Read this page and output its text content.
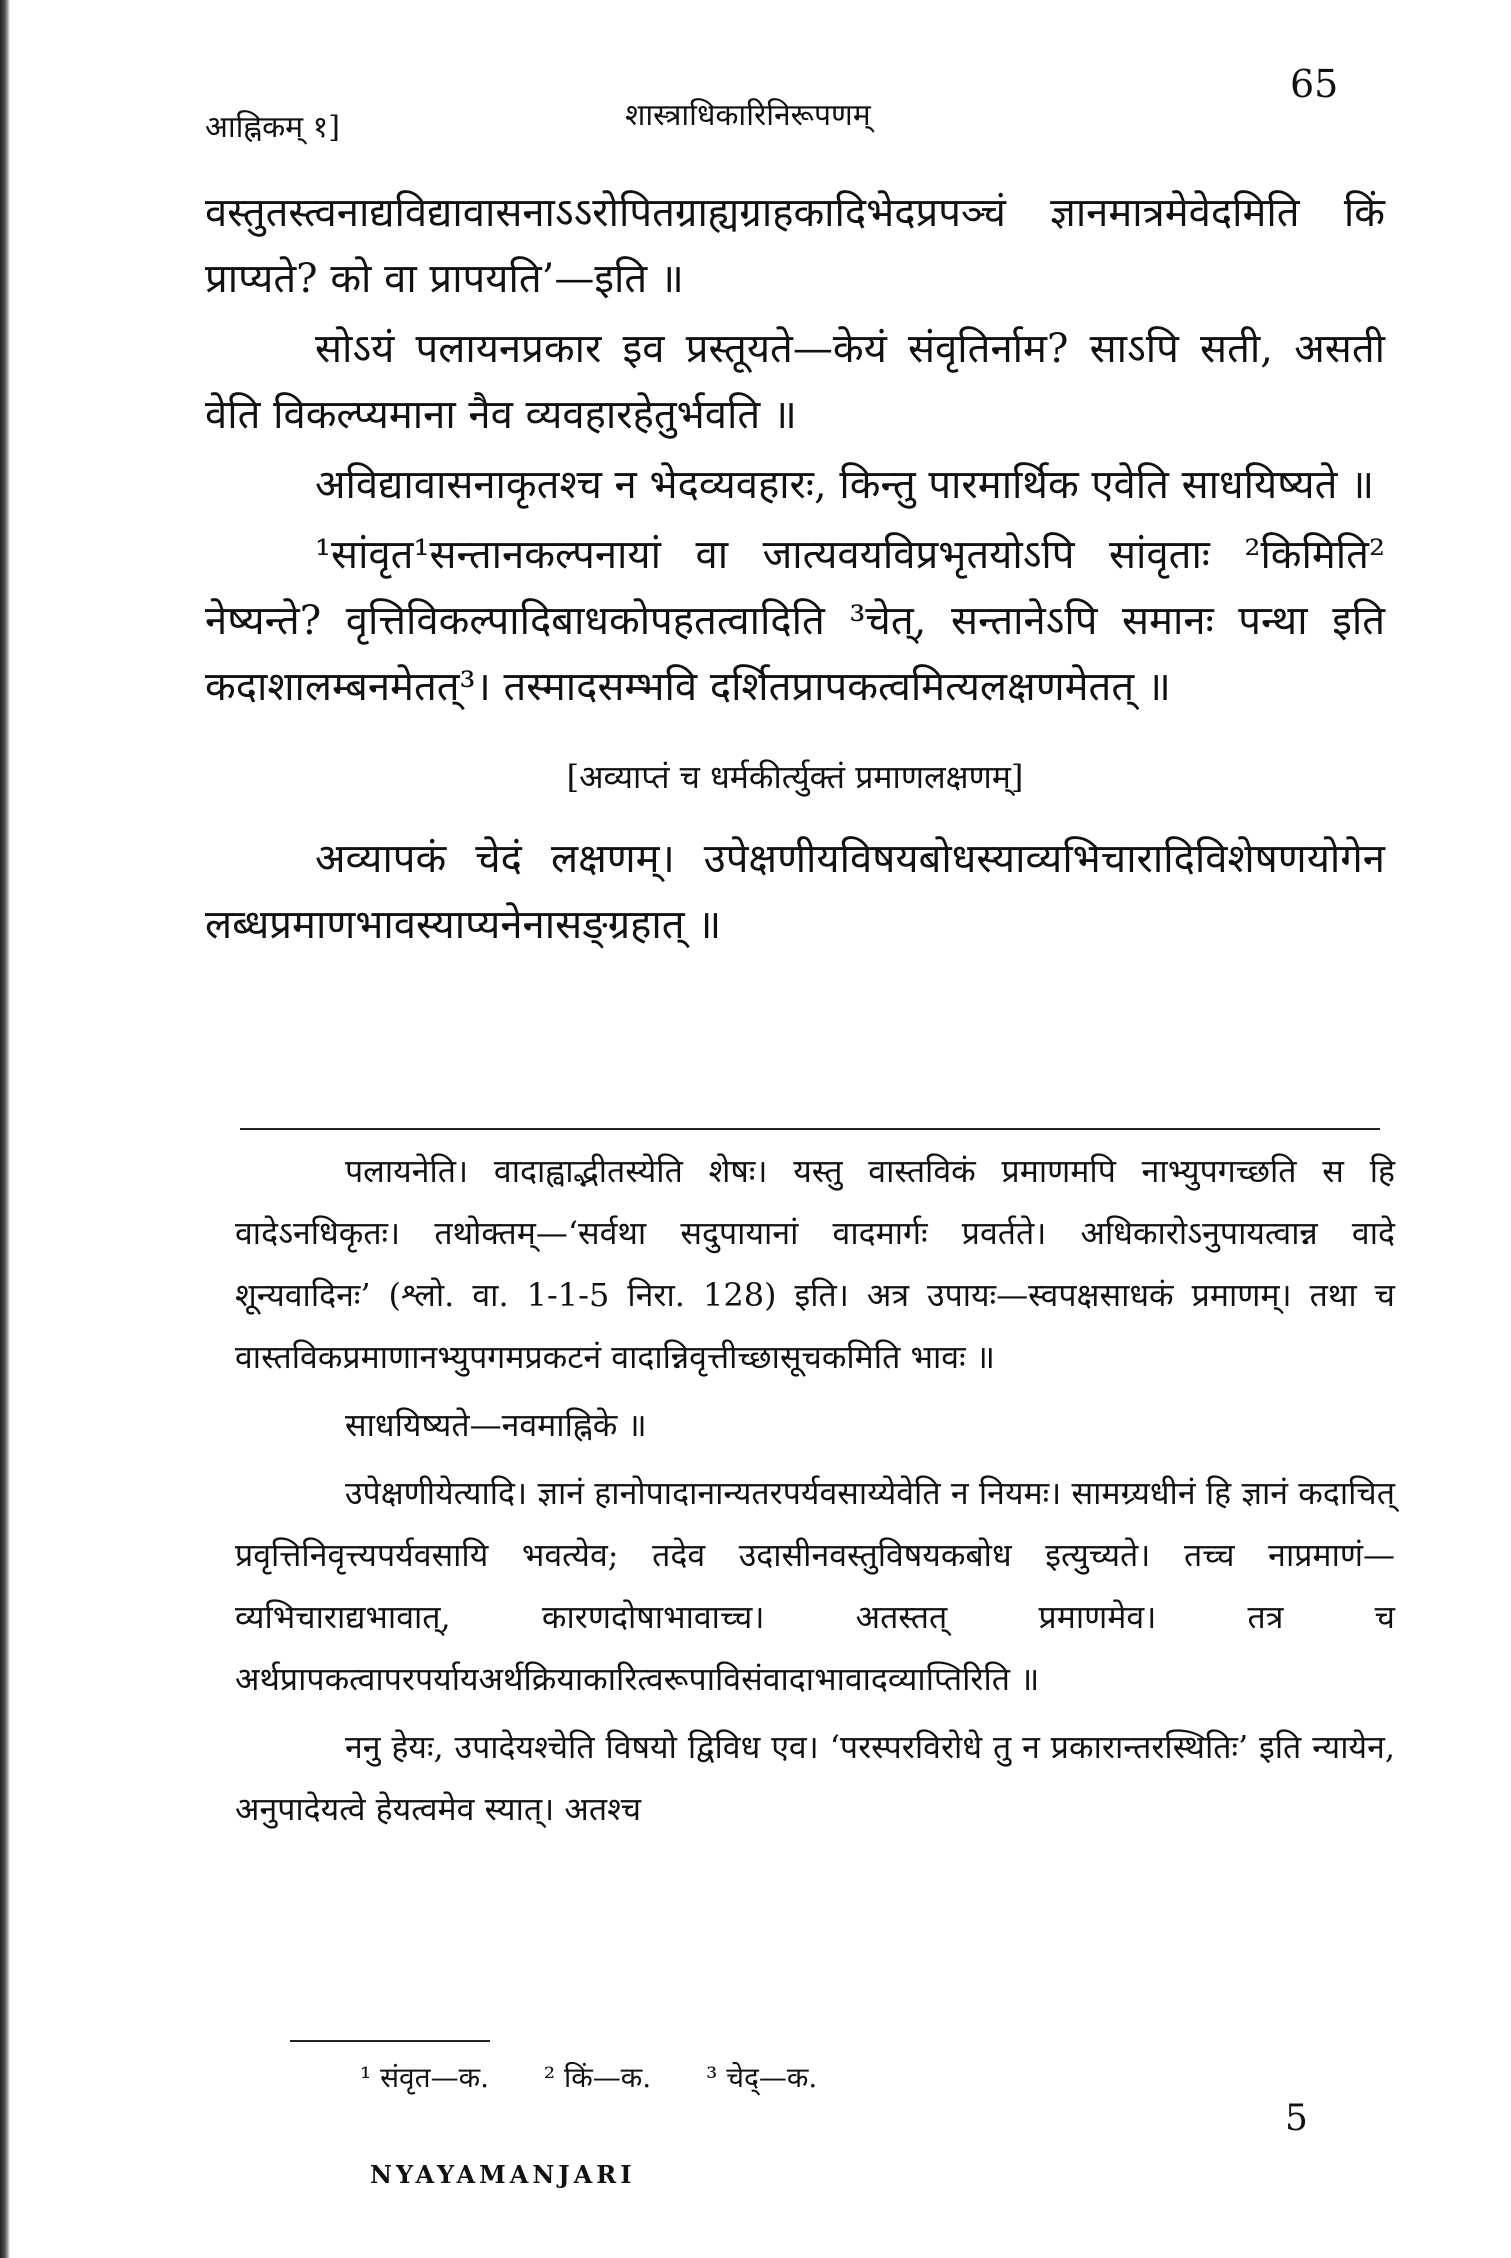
आह्निकम् १]	शास्त्राधिकारिनिरूपणम्
65

वस्तुतस्त्वनाद्यविद्यावासनाऽऽरोपितग्राह्यग्राहकादिभेदप्रपञ्चं ज्ञानमात्रमेवेदमिति किं प्राप्यते? को वा प्रापयति’—इति ॥

सोऽयं पलायनप्रकार इव प्रस्तूयते—केयं संवृतिर्नाम? साऽपि सती, असती वेति विकल्प्यमाना नैव व्यवहारहेतुर्भवति ॥

अविद्यावासनाकृतश्च न भेदव्यवहारः, किन्तु पारमार्थिक एवेति साधयिष्यते ॥

¹सांवृत¹सन्तानकल्पनायां वा जात्यवयविप्रभृतयोऽपि सांवृताः ²किमिति² नेष्यन्ते? वृत्तिविकल्पादिबाधकोपहतत्वादिति ³चेत्, सन्तानेऽपि समानः पन्था इति कदाशालम्बनमेतत्³। तस्मादसम्भवि दर्शितप्रापकत्वमित्यलक्षणमेतत् ॥

[अव्याप्तं च धर्मकीर्त्युक्तं प्रमाणलक्षणम्]

अव्यापकं चेदं लक्षणम्। उपेक्षणीयविषयबोधस्याव्यभिचारादिविशेषणयोगेन लब्धप्रमाणभावस्याप्यनेनासङ्ग्रहात् ॥

पलायनेति। वादाह्वाद्भीतस्येति शेषः। यस्तु वास्तविकं प्रमाणमपि नाभ्युपगच्छति स हि वादेऽनधिकृतः। तथोक्तम्—‘सर्वथा सदुपायानां वादमार्गः प्रवर्तते। अधिकारोऽनुपायत्वान्न वादे शून्यवादिनः’ (श्लो. वा. 1-1-5 निरा. 128) इति। अत्र उपायः—स्वपक्षसाधकं प्रमाणम्। तथा च वास्तविकप्रमाणानभ्युपगमप्रकटनं वादान्निवृत्तीच्छासूचकमिति भावः ॥

साधयिष्यते—नवमाह्निके ॥

उपेक्षणीयेत्यादि। ज्ञानं हानोपादानान्यतरपर्यवसाय्येवेति न नियमः। सामग्र्यधीनं हि ज्ञानं कदाचित् प्रवृत्तिनिवृत्त्यपर्यवसायि भवत्येव; तदेव उदासीनवस्तुविषयकबोध इत्युच्यते। तच्च नाप्रमाणं—व्यभिचाराद्यभावात्, कारणदोषाभावाच्च। अतस्तत् प्रमाणमेव। तत्र च अर्थप्रापकत्वापरपर्यायअर्थक्रियाकारित्वरूपाविसंवादाभावादव्याप्तिरिति ॥

ननु हेयः, उपादेयश्चेति विषयो द्विविध एव। ‘परस्परविरोधे तु न प्रकारान्तरस्थितिः’ इति न्यायेन, अनुपादेयत्वे हेयत्वमेव स्यात्। अतश्च

¹ संवृत—क. ² किं—क. ³ चेद्—क.
NYAYAMANJARI
5
